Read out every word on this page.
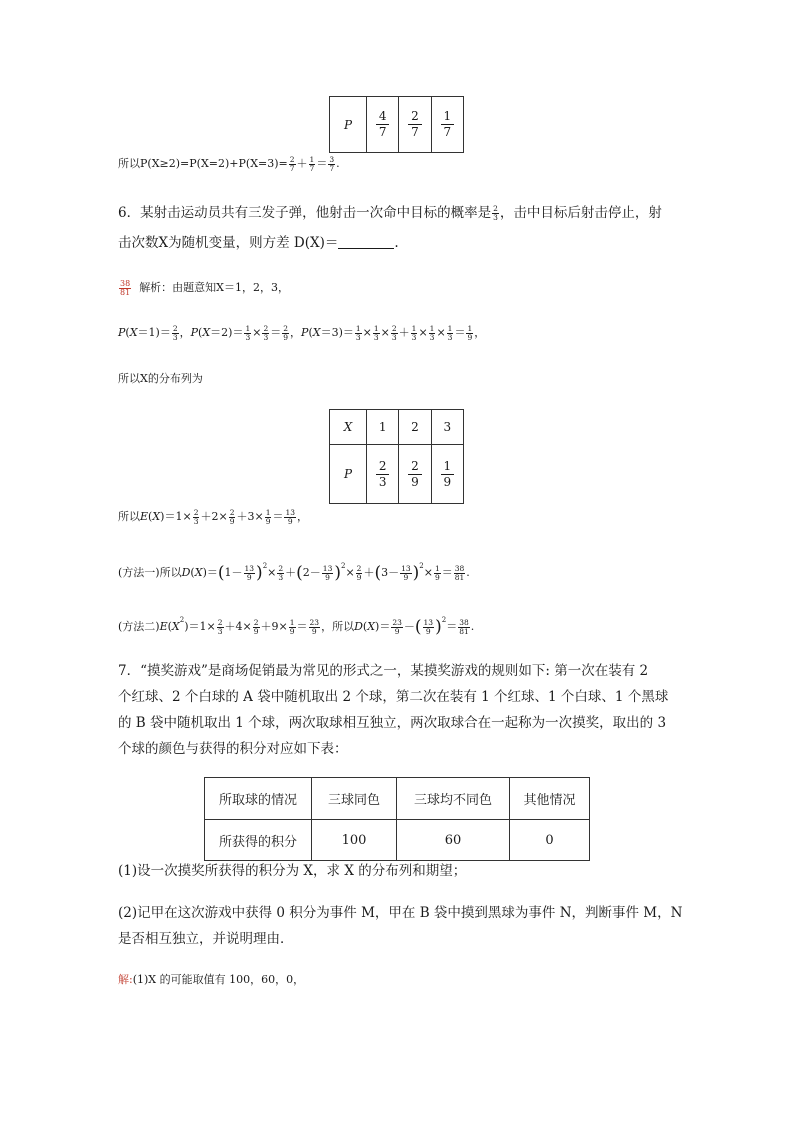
P	$\frac{4}{7}$	$\frac{2}{7}$	$\frac{1}{7}$
所以$P(X\ge 2)=P(X=2)+P(X=3)= \frac{2}{7} + \frac{1}{7} = \frac{3}{7}$ .
6．某射击运动员共有三发子弹，他射击一次命中目标的概率是 $\frac{2}{3}$ ，击中目标后射击停止，射
击次数X为随机变量，则方差 D(X)＝	.
$\frac{38}{81}$ 解析：由题意知X＝1，2，3，
$P(X=1)= \frac{2}{3}$ ，$P(X=2)= \frac{1}{3} \times \frac{2}{3} = \frac{2}{9}$ ，$P(X=3)= \frac{1}{3} \times \frac{1}{3} \times \frac{2}{3} + \frac{1}{3} \times \frac{1}{3} \times \frac{1}{3} = \frac{1}{9}$ ，
所以X的分布列为
X	1	2	3
P	$\frac{2}{3}$	$\frac{2}{9}$	$\frac{1}{9}$
所以$E(X)=1\times \frac{2}{3} +2\times \frac{2}{9} +3\times \frac{1}{9} = \frac{13}{9}$ ，
(方法一)所以$D(X)=(1- \frac{13}{9} )^2\times \frac{2}{3} +(2- \frac{13}{9} )^2\times \frac{2}{9} +(3- \frac{13}{9} )^2\times \frac{1}{9} = \frac{38}{81}$ .
(方法二)$E(X^2)=1\times \frac{2}{3} +4\times \frac{2}{9} +9\times \frac{1}{9} = \frac{23}{9}$ ，所以$D(X)= \frac{23}{9}$ －( $\frac{13}{9} )^2= \frac{38}{81}$ .
7．“摸奖游戏”是商场促销最为常见的形式之一，某摸奖游戏的规则如下: 第一次在装有 2
个红球、2 个白球的 A 袋中随机取出 2 个球，第二次在装有 1 个红球、1 个白球、1 个黑球
的 B 袋中随机取出 1 个球，两次取球相互独立，两次取球合在一起称为一次摸奖，取出的 3
个球的颜色与获得的积分对应如下表：
所取球的情况	三球同色	三球均不同色	其他情况
所获得的积分	100	60	0
(1)设一次摸奖所获得的积分为 X，求 X 的分布列和期望；
(2)记甲在这次游戏中获得 0 积分为事件 M，甲在 B 袋中摸到黑球为事件 N，判断事件 M，N
是否相互独立，并说明理由．
解:(1)X 的可能取值有 100，60，0，
